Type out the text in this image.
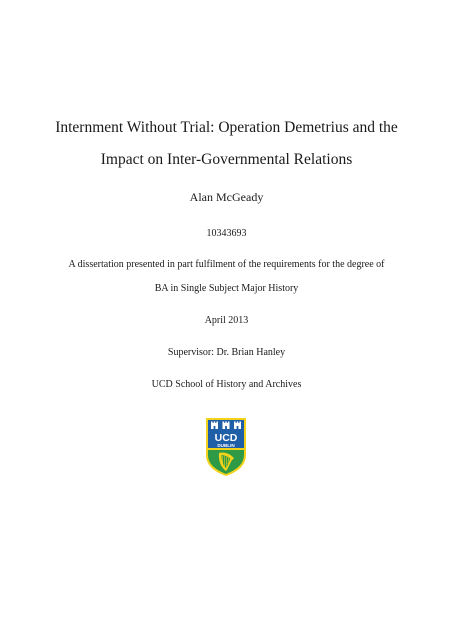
Internment Without Trial: Operation Demetrius and the
Impact on Inter-Governmental Relations
Alan McGeady
10343693
A dissertation presented in part fulfilment of the requirements for the degree of
BA in Single Subject Major History
April 2013
Supervisor: Dr. Brian Hanley
UCD School of History and Archives
UCD
DUBLIN
